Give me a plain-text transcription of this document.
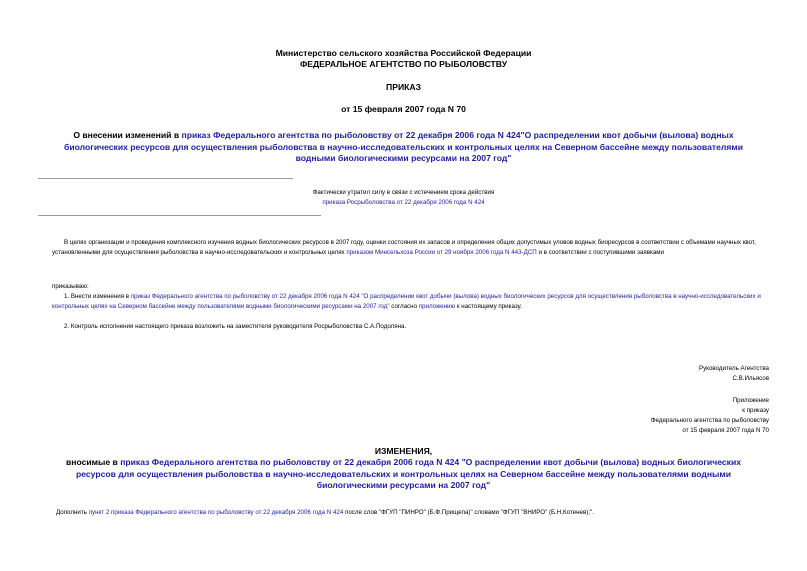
Министерство сельского хозяйства Российской Федерации
ФЕДЕРАЛЬНОЕ АГЕНТСТВО ПО РЫБОЛОВСТВУ
ПРИКАЗ
от 15 февраля 2007 года N 70
О внесении изменений в приказ Федерального агентства по рыболовству от 22 декабря 2006 года N 424"О распределении квот добычи (вылова) водных биологических ресурсов для осуществления рыболовства в научно-исследовательских и контрольных целях на Северном бассейне между пользователями водными биологическими ресурсами на 2007 год"
Фактически утратил силу в связи с истечением срока действия
приказа Росрыболовства от 22 декабря 2006 года N 424
В целях организации и проведения комплексного изучения водных биологических ресурсов в 2007 году, оценки состояния их запасов и определения общих допустимых уловов водных биоресурсов в соответствии с объемами научных квот, установленными для осуществления рыболовства в научно-исследовательских и контрольных целях приказом Минсельхоза России от 29 ноября 2006 года N 443-ДСП и в соответствии с поступившими заявками
приказываю:
1. Внести изменения в приказ Федерального агентства по рыболовству от 22 декабря 2006 года N 424 "О распределении квот добычи (вылова) водных биологических ресурсов для осуществления рыболовства в научно-исследовательских и контрольных целях на Северном бассейне между пользователями водными биологическими ресурсами на 2007 год" согласно приложению к настоящему приказу.
2. Контроль исполнения настоящего приказа возложить на заместителя руководителя Росрыболовства С.А.Подоляна.
Руководитель Агентства
С.В.Ильясов
Приложение
к приказу
Федерального агентства по рыболовству
от 15 февраля 2007 года N 70
ИЗМЕНЕНИЯ,
вносимые в приказ Федерального агентства по рыболовству от 22 декабря 2006 года N 424 "О распределении квот добычи (вылова) водных биологических ресурсов для осуществления рыболовства в научно-исследовательских и контрольных целях на Северном бассейне между пользователями водными биологическими ресурсами на 2007 год"
Дополнить пункт 2 приказа Федерального агентства по рыболовству от 22 декабря 2006 года N 424 после слов "ФГУП "ПИНРО" (Б.Ф.Прищепа)" словами "ФГУП "ВНИРО" (Б.Н.Котенев);".
